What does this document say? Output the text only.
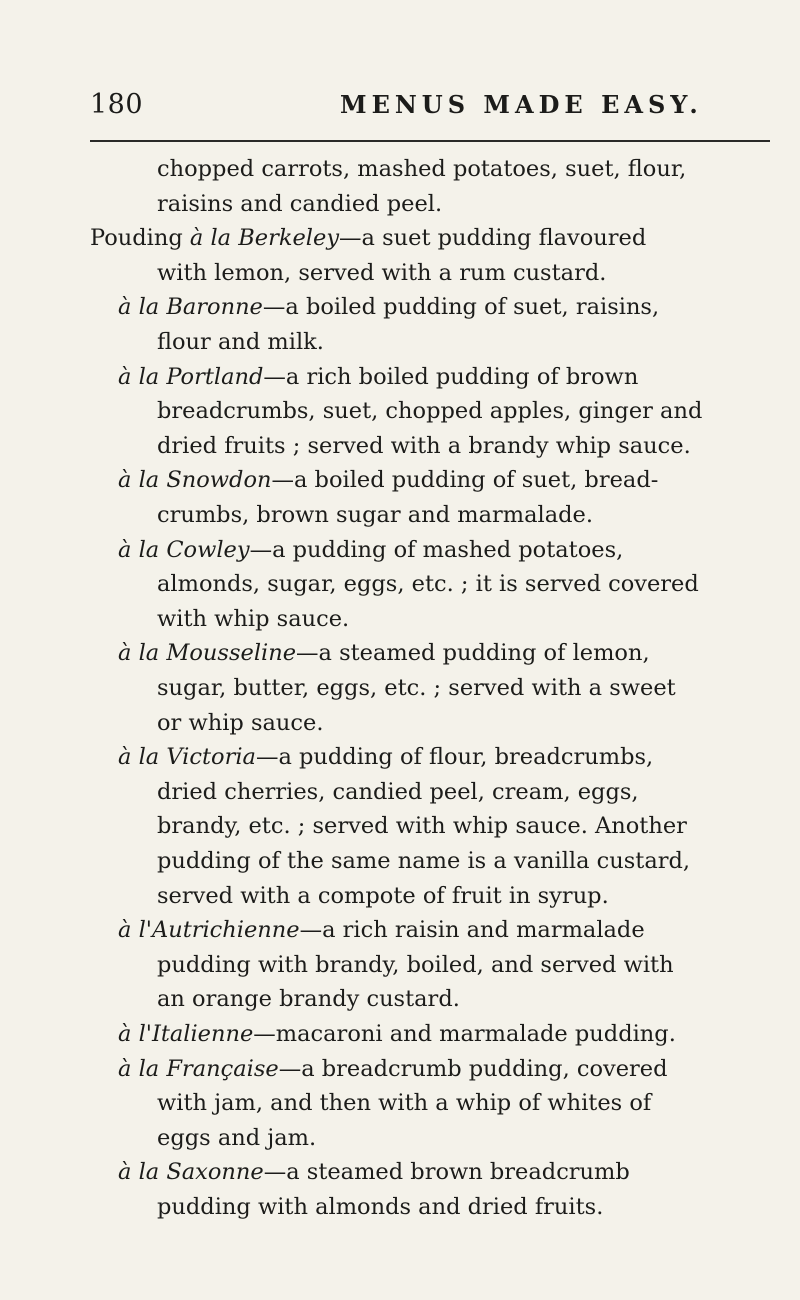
180	MENUS MADE EASY.
chopped carrots, mashed potatoes, suet, flour,
raisins and candied peel.
Pouding à la Berkeley—a suet pudding flavoured
with lemon, served with a rum custard.
à la Baronne—a boiled pudding of suet, raisins,
flour and milk.
à la Portland—a rich boiled pudding of brown
breadcrumbs, suet, chopped apples, ginger and
dried fruits ; served with a brandy whip sauce.
à la Snowdon—a boiled pudding of suet, bread-
crumbs, brown sugar and marmalade.
à la Cowley—a pudding of mashed potatoes,
almonds, sugar, eggs, etc. ; it is served covered
with whip sauce.
à la Mousseline—a steamed pudding of lemon,
sugar, butter, eggs, etc. ; served with a sweet
or whip sauce.
à la Victoria—a pudding of flour, breadcrumbs,
dried cherries, candied peel, cream, eggs,
brandy, etc. ; served with whip sauce. Another
pudding of the same name is a vanilla custard,
served with a compote of fruit in syrup.
à l'Autrichienne—a rich raisin and marmalade
pudding with brandy, boiled, and served with
an orange brandy custard.
à l'Italienne—macaroni and marmalade pudding.
à la Française—a breadcrumb pudding, covered
with jam, and then with a whip of whites of
eggs and jam.
à la Saxonne—a steamed brown breadcrumb
pudding with almonds and dried fruits.
